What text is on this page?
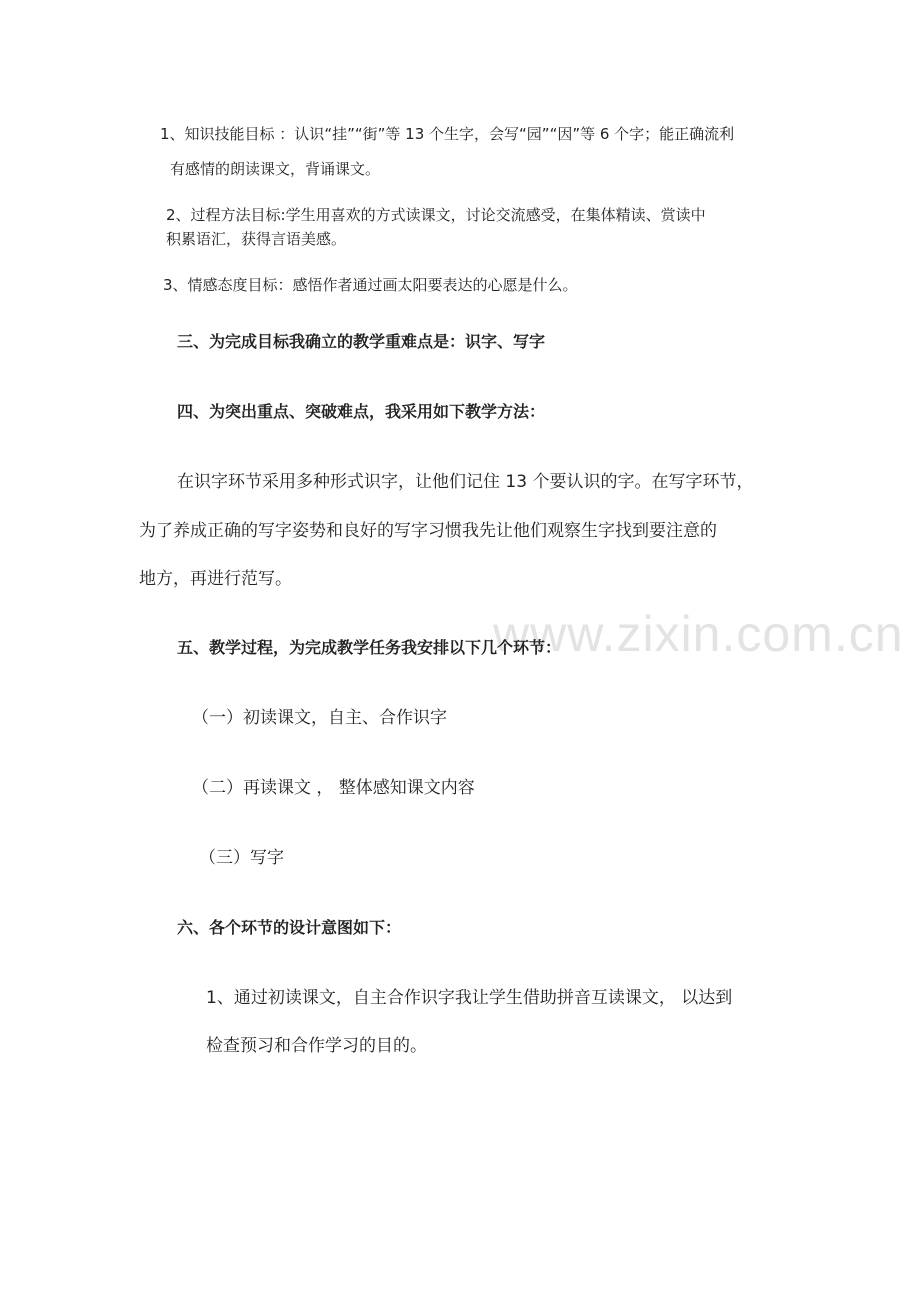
www.zixin.com.cn
1、知识技能目标 ：认识“挂”“街”等 13 个生字，会写“园”“因”等 6 个字；能正确流利
有感情的朗读课文，背诵课文。
2、过程方法目标:学生用喜欢的方式读课文，讨论交流感受，在集体精读、赏读中
积累语汇，获得言语美感。
3、情感态度目标：感悟作者通过画太阳要表达的心愿是什么。
三、为完成目标我确立的教学重难点是：识字、写字
四、为突出重点、突破难点，我采用如下教学方法：
在识字环节采用多种形式识字，让他们记住 13 个要认识的字。在写字环节，
为了养成正确的写字姿势和良好的写字习惯我先让他们观察生字找到要注意的
地方，再进行范写。
五、教学过程，为完成教学任务我安排以下几个环节：
（一）初读课文，自主、合作识字
（二）再读课文 ， 整体感知课文内容
（三）写字
六、各个环节的设计意图如下：
1、通过初读课文，自主合作识字我让学生借助拼音互读课文， 以达到
检查预习和合作学习的目的。
